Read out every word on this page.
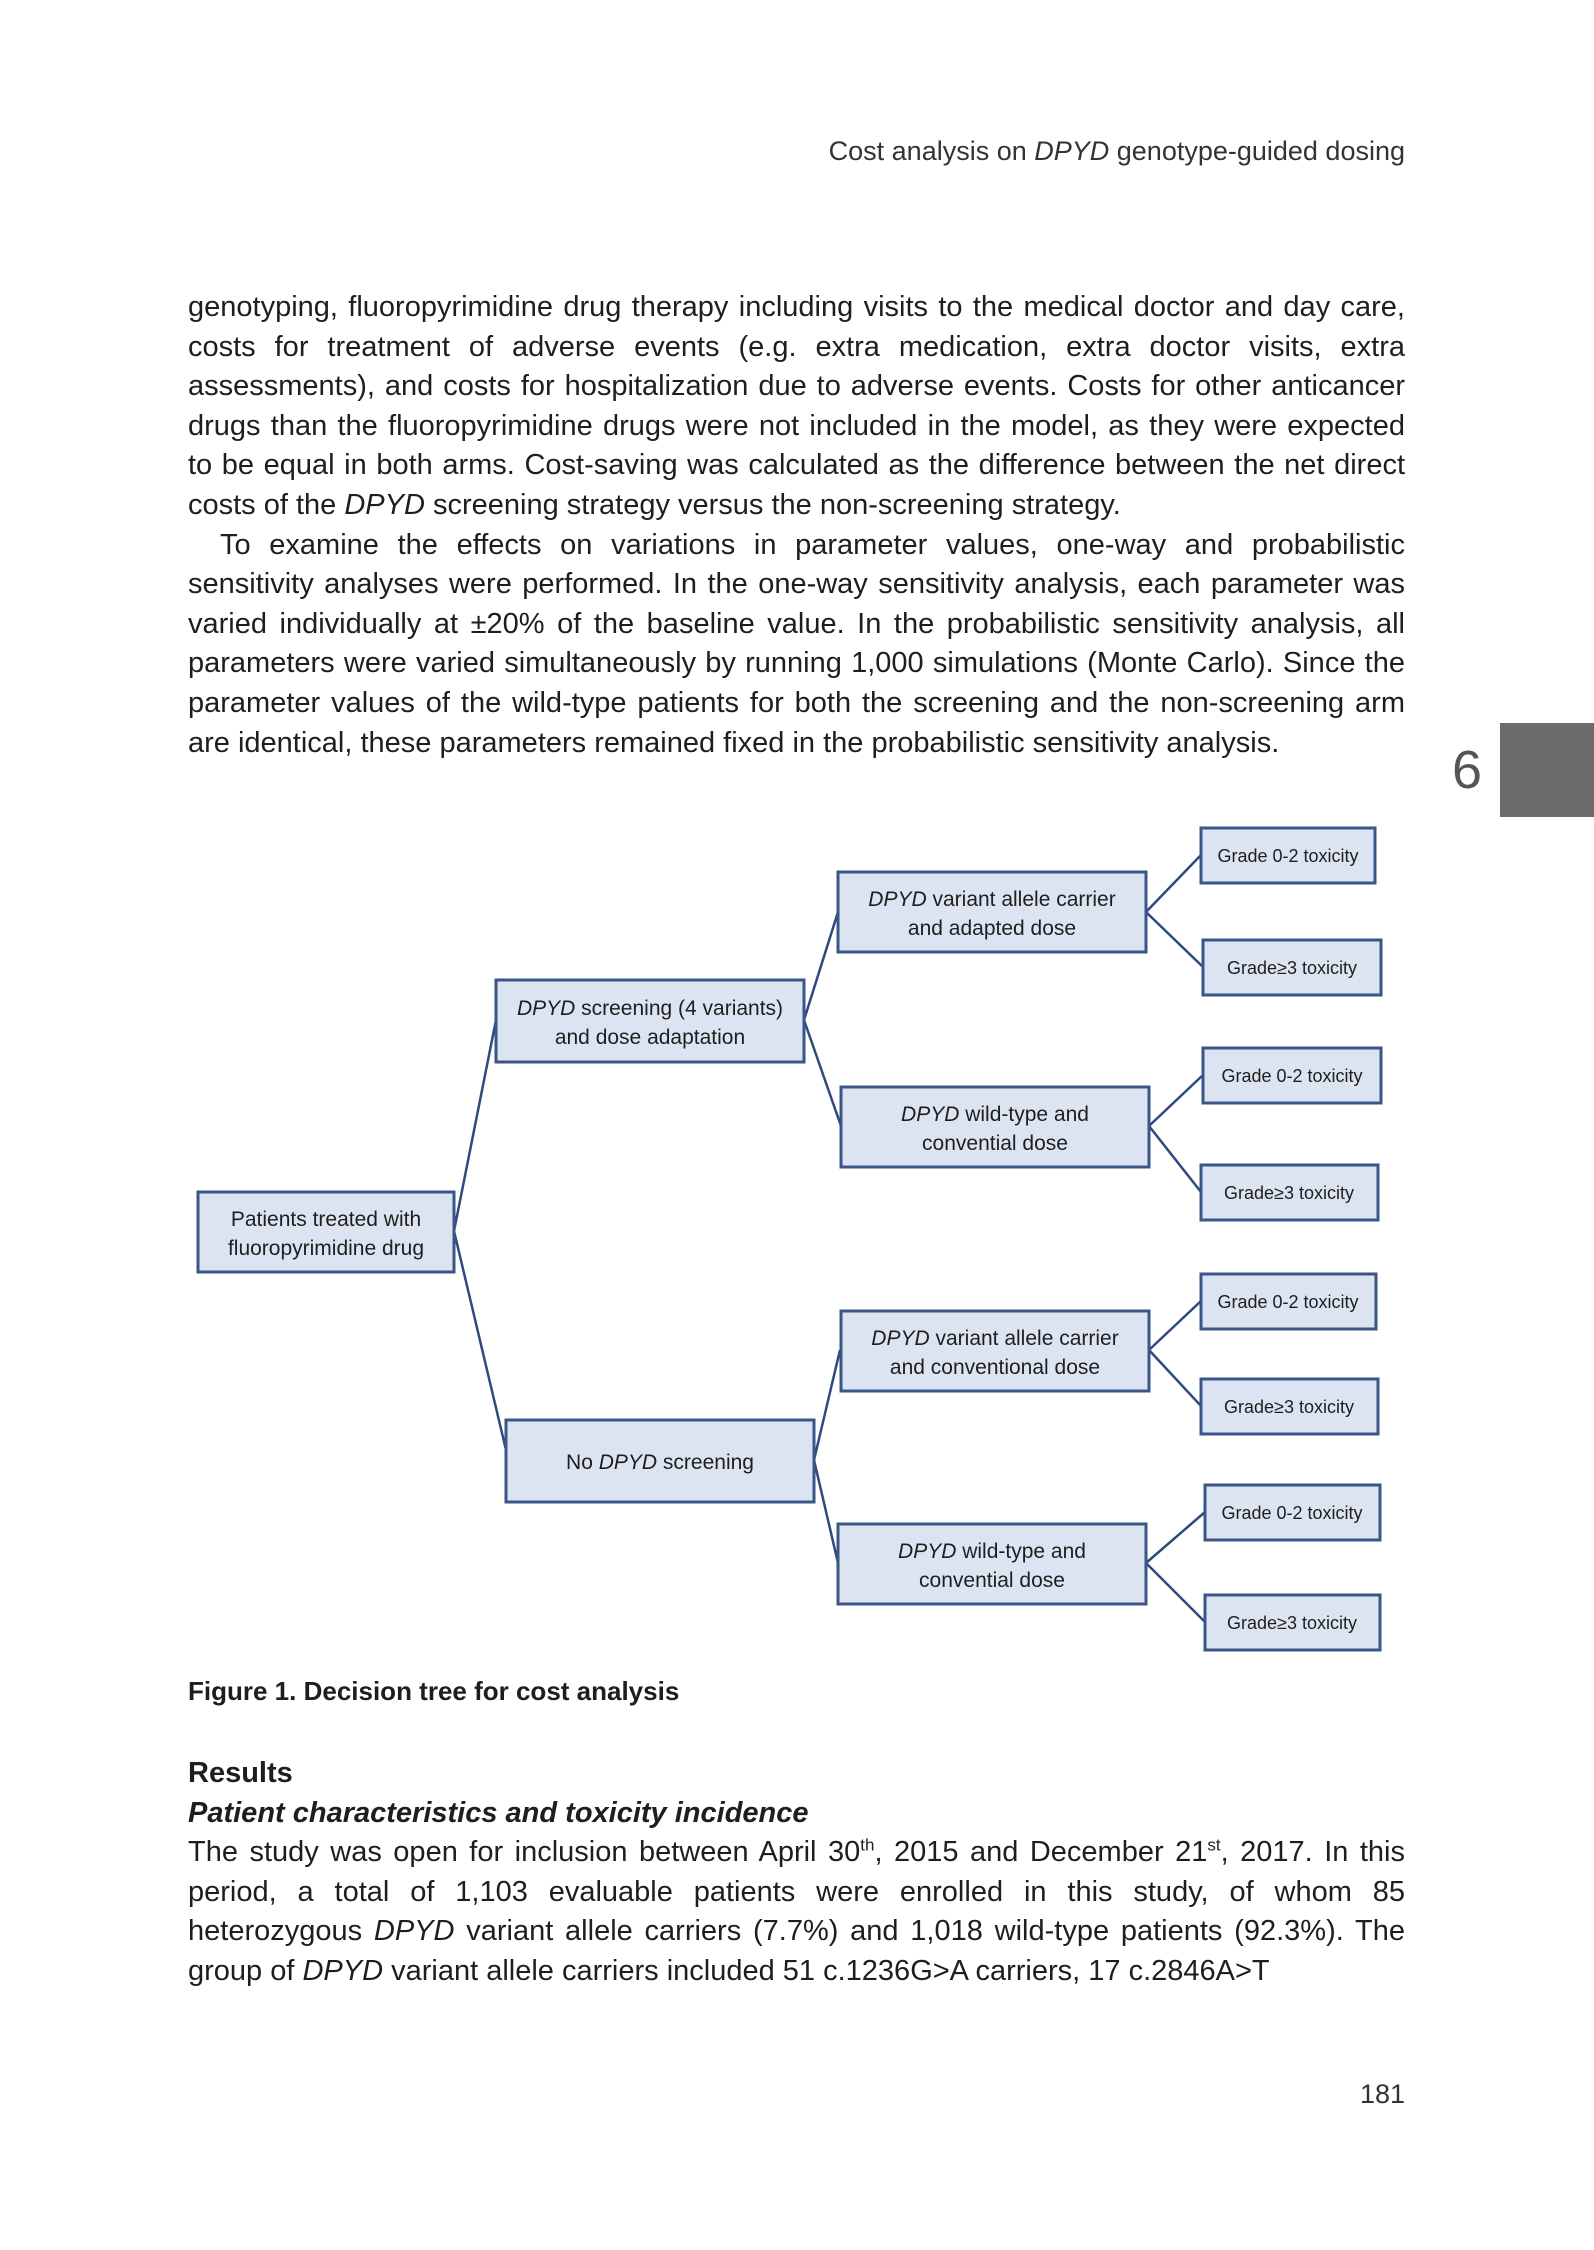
Cost analysis on DPYD genotype-guided dosing
6

genotyping, fluoropyrimidine drug therapy including visits to the medical doctor and day care, costs for treatment of adverse events (e.g. extra medication, extra doctor visits, extra assessments), and costs for hospitalization due to adverse events. Costs for other anticancer drugs than the fluoropyrimidine drugs were not included in the model, as they were expected to be equal in both arms. Cost-saving was calculated as the difference between the net direct costs of the DPYD screening strategy versus the non-screening strategy.

To examine the effects on variations in parameter values, one-way and probabilistic sensitivity analyses were performed. In the one-way sensitivity analysis, each parameter was varied individually at ±20% of the baseline value. In the probabilistic sensitivity analysis, all parameters were varied simultaneously by running 1,000 simulations (Monte Carlo). Since the parameter values of the wild-type patients for both the screening and the non-screening arm are identical, these parameters remained fixed in the probabilistic sensitivity analysis.

Patients treated with
fluoropyrimidine drug
DPYD screening (4 variants)
and dose adaptation
No DPYD screening
DPYD variant allele carrier
and adapted dose
DPYD wild-type and
convential dose
DPYD variant allele carrier
and conventional dose
DPYD wild-type and
convential dose
Grade 0-2 toxicity
Grade≥3 toxicity
Grade 0-2 toxicity
Grade≥3 toxicity
Grade 0-2 toxicity
Grade≥3 toxicity
Grade 0-2 toxicity
Grade≥3 toxicity
Figure 1. Decision tree for cost analysis
Results
Patient characteristics and toxicity incidence

The study was open for inclusion between April 30th, 2015 and December 21st, 2017. In this period, a total of 1,103 evaluable patients were enrolled in this study, of whom 85 heterozygous DPYD variant allele carriers (7.7%) and 1,018 wild-type patients (92.3%). The group of DPYD variant allele carriers included 51 c.1236G>A carriers, 17 c.2846A>T

181
